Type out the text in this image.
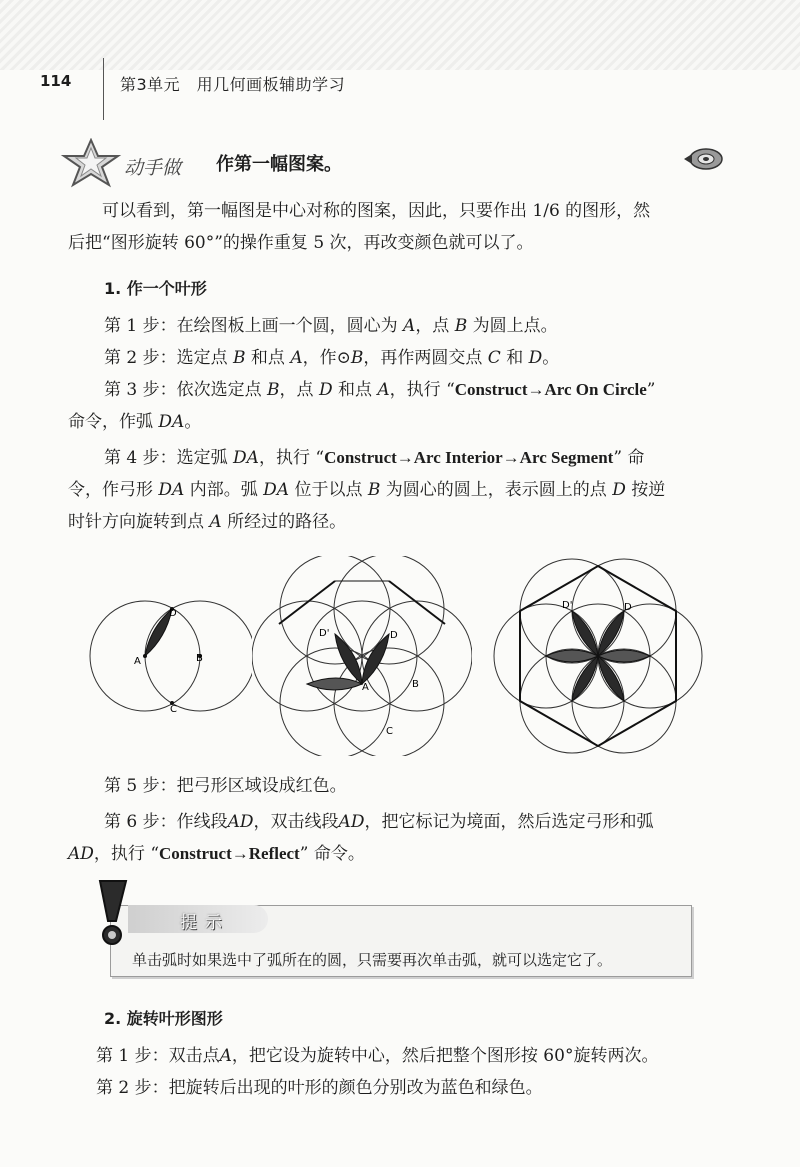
114	第3单元　用几何画板辅助学习
动手做 作第一幅图案。
可以看到，第一幅图是中心对称的图案，因此，只要作出 1/6 的图形，然
后把“图形旋转 60°”的操作重复 5 次，再改变颜色就可以了。
1. 作一个叶形
第 1 步：在绘图板上画一个圆，圆心为 A，点 B 为圆上点。
第 2 步：选定点 B 和点 A，作⊙B，再作两圆交点 C 和 D。
第 3 步：依次选定点 B，点 D 和点 A，执行 “Construct→Arc On Circle”
命令，作弧 DA。
第 4 步：选定弧 DA，执行 “Construct→Arc Interior→Arc Segment” 命
令，作弓形 DA 内部。弧 DA 位于以点 B 为圆心的圆上，表示圆上的点 D 按逆
时针方向旋转到点 A 所经过的路径。
A	B
D
C
D'	D
A	B
C
D'	D
第 5 步：把弓形区域设成红色。
第 6 步：作线段AD，双击线段AD，把它标记为境面，然后选定弓形和弧
AD，执行 “Construct→Reflect” 命令。
提示
单击弧时如果选中了弧所在的圆，只需要再次单击弧，就可以选定它了。
2. 旋转叶形图形
第 1 步：双击点A，把它设为旋转中心，然后把整个图形按 60°旋转两次。
第 2 步：把旋转后出现的叶形的颜色分别改为蓝色和绿色。
